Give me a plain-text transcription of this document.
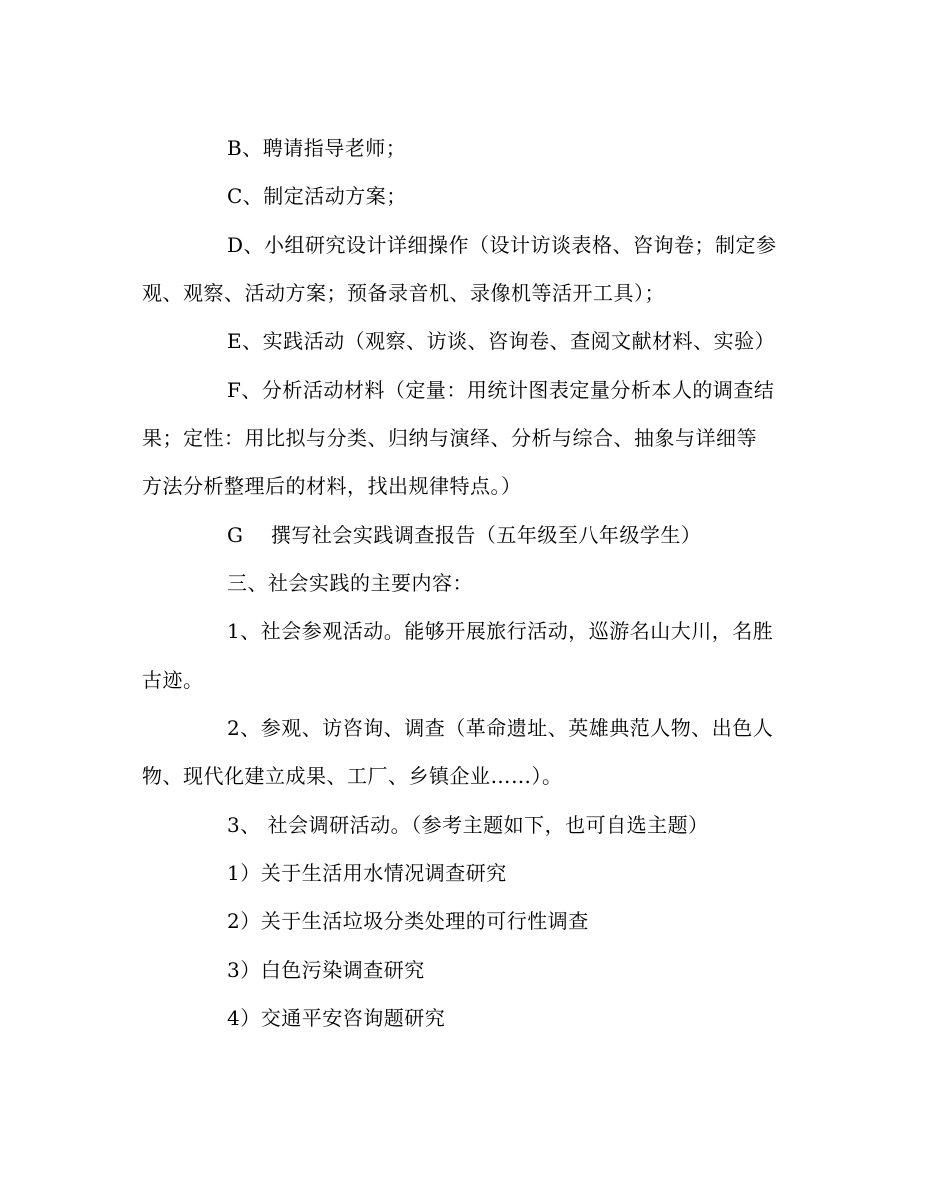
B、聘请指导老师；
C、制定活动方案；
D、小组研究设计详细操作（设计访谈表格、咨询卷；制定参
观、观察、活动方案；预备录音机、录像机等活开工具）；
E、实践活动（观察、访谈、咨询卷、查阅文献材料、实验）
F、分析活动材料（定量：用统计图表定量分析本人的调查结
果；定性：用比拟与分类、归纳与演绎、分析与综合、抽象与详细等
方法分析整理后的材料，找出规律特点。）
G　 撰写社会实践调查报告（五年级至八年级学生）
三、社会实践的主要内容：
1、社会参观活动。能够开展旅行活动，巡游名山大川，名胜
古迹。
2、参观、访咨询、调查（革命遗址、英雄典范人物、出色人
物、现代化建立成果、工厂、乡镇企业……）。
3、 社会调研活动。（参考主题如下，也可自选主题）
1）关于生活用水情况调查研究
2）关于生活垃圾分类处理的可行性调查
3）白色污染调查研究
4）交通平安咨询题研究
